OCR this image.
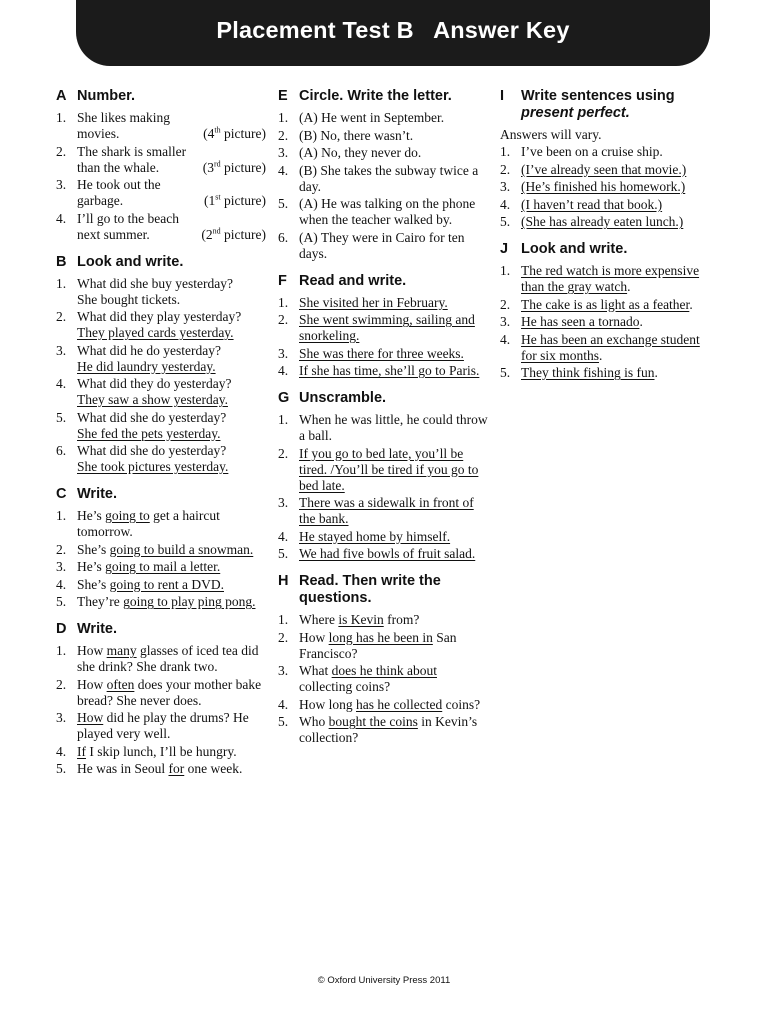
Placement Test B   Answer Key
A Number.
1. She likes making
movies.	(4th picture)
2. The shark is smaller
than the whale.	(3rd picture)
3. He took out the
garbage.	(1st picture)
4. I’ll go to the beach
next summer.	(2nd picture)
B Look and write.
1. What did she buy yesterday?
She bought tickets.
2. What did they play yesterday?
They played cards yesterday.
3. What did he do yesterday?
He did laundry yesterday.
4. What did they do yesterday?
They saw a show yesterday.
5. What did she do yesterday?
She fed the pets yesterday.
6. What did she do yesterday?
She took pictures yesterday.
C Write.
1. He’s going to get a haircut tomorrow.
2. She’s going to build a snowman.
3. He’s going to mail a letter.
4. She’s going to rent a DVD.
5. They’re going to play ping pong.
D Write.
1. How many glasses of iced tea did she drink? She drank two.
2. How often does your mother bake bread? She never does.
3. How did he play the drums? He played very well.
4. If I skip lunch, I’ll be hungry.
5. He was in Seoul for one week.
E Circle. Write the letter.
1. (A) He went in September.
2. (B) No, there wasn’t.
3. (A) No, they never do.
4. (B) She takes the subway twice a day.
5. (A) He was talking on the phone
when the teacher walked by.
6. (A) They were in Cairo for ten days.
F Read and write.
1. She visited her in February.
2. She went swimming, sailing and snorkeling.
3. She was there for three weeks.
4. If she has time, she’ll go to Paris.
G Unscramble.
1. When he was little, he could throw a ball.
2. If you go to bed late, you’ll be tired. /You’ll be tired if you go to bed late.
3. There was a sidewalk in front of the bank.
4. He stayed home by himself.
5. We had five bowls of fruit salad.
H Read. Then write the questions.
1. Where is Kevin from?
2. How long has he been in San Francisco?
3. What does he think about collecting coins?
4. How long has he collected coins?
5. Who bought the coins in Kevin’s collection?
I	Write sentences using
present perfect.
Answers will vary.
1. I’ve been on a cruise ship.
2. (I’ve already seen that movie.)
3. (He’s finished his homework.)
4. (I haven’t read that book.)
5. (She has already eaten lunch.)
J Look and write.
1. The red watch is more expensive than the gray watch.
2. The cake is as light as a feather.
3. He has seen a tornado.
4. He has been an exchange student for six months.
5. They think fishing is fun.
© Oxford University Press 2011
